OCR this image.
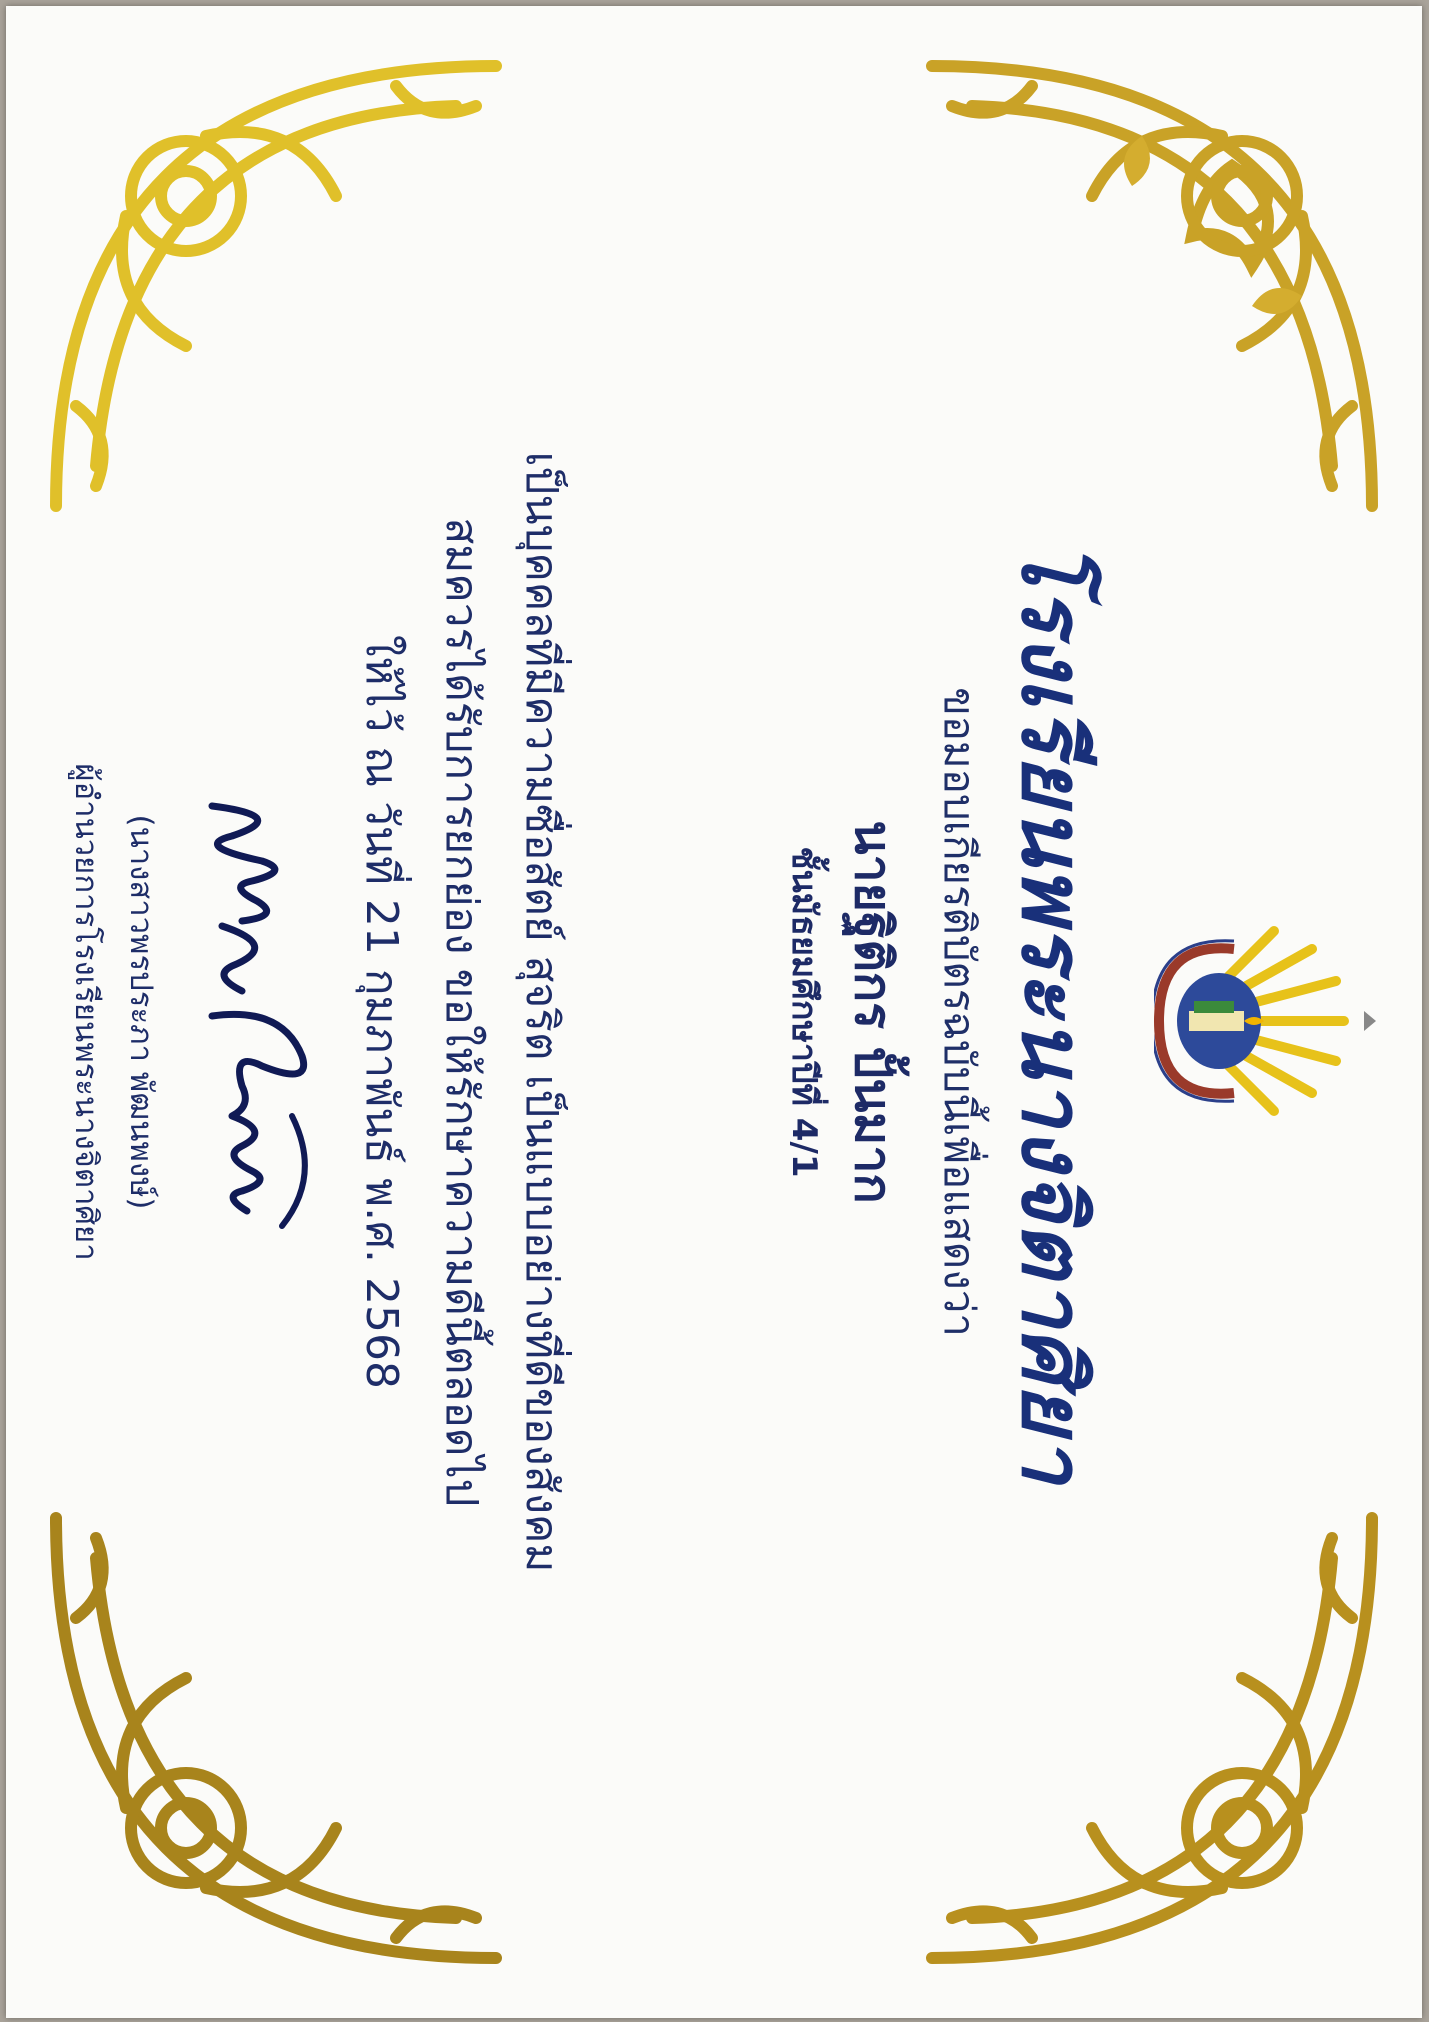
โรงเรียนพระนางจิตาศิยา
ขอมอบเกียรติบัตรฉบับนี้เพื่อแสดงว่า
นายฐิติกร ปั้นมาก
ชั้นมัธยมศึกษาปีที่ 4/1
เป็นบุคคลที่มีความซื่อสัตย์ สุจริต เป็นแบบอย่างที่ดีของสังคม
สมควรได้รับการยกย่อง ขอให้รักษาความดีนี้ตลอดไป
ให้ไว้ ณ วันที่ 21 กุมภาพันธ์ พ.ศ. 2568
(นางสาวพรประภา พัฒนพงษ์)
ผู้อำนวยการโรงเรียนพระนางจิตาศิยา
